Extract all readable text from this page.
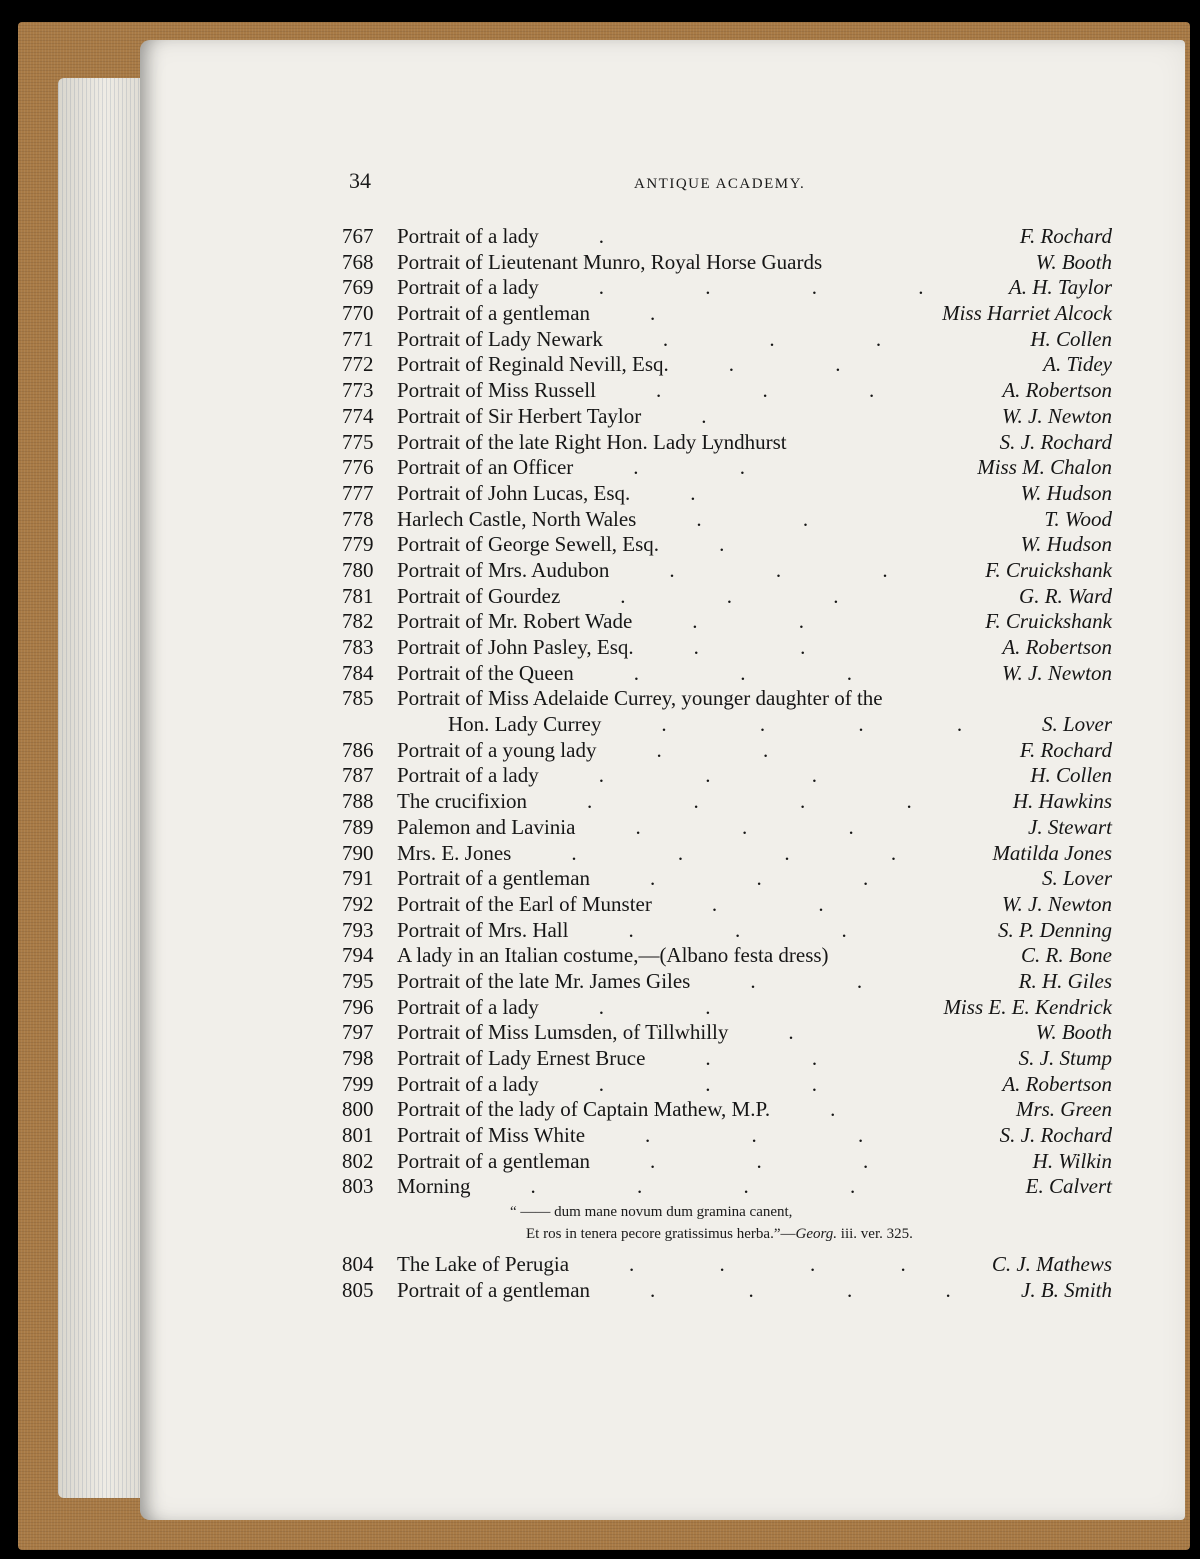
34	ANTIQUE ACADEMY.
767 Portrait of a lady	.	F. Rochard
768 Portrait of Lieutenant Munro, Royal Horse Guards	W. Booth
769 Portrait of a lady	. . . . A. H. Taylor
770 Portrait of a gentleman	.	Miss Harriet Alcock
771 Portrait of Lady Newark	. . .	H. Collen
772 Portrait of Reginald Nevill, Esq.	. .	A. Tidey
773 Portrait of Miss Russell	. . .	A. Robertson
774 Portrait of Sir Herbert Taylor	.	W. J. Newton
775 Portrait of the late Right Hon. Lady Lyndhurst	S. J. Rochard
776 Portrait of an Officer	. .	Miss M. Chalon
777 Portrait of John Lucas, Esq.	.	W. Hudson
778 Harlech Castle, North Wales	. .	T. Wood
779 Portrait of George Sewell, Esq.	.	W. Hudson
780 Portrait of Mrs. Audubon	. . . F. Cruickshank
781 Portrait of Gourdez	. . .	G. R. Ward
782 Portrait of Mr. Robert Wade	. .	F. Cruickshank
783 Portrait of John Pasley, Esq.	. .	A. Robertson
784 Portrait of the Queen	. . .	W. J. Newton
785 Portrait of Miss Adelaide Currey, younger daughter of the
Hon. Lady Currey	. . . . S. Lover
786 Portrait of a young lady	. .	F. Rochard
787 Portrait of a lady	. . .	H. Collen
788 The crucifixion	. . . .	H. Hawkins
789 Palemon and Lavinia	. . .	J. Stewart
790 Mrs. E. Jones	. . . . Matilda Jones
791 Portrait of a gentleman	. . .	S. Lover
792 Portrait of the Earl of Munster	. .	W. J. Newton
793 Portrait of Mrs. Hall	. . .	S. P. Denning
794 A lady in an Italian costume,—(Albano festa dress)	C. R. Bone
795 Portrait of the late Mr. James Giles	. .	R. H. Giles
796 Portrait of a lady	. .	Miss E. E. Kendrick
797 Portrait of Miss Lumsden, of Tillwhilly	.	W. Booth
798 Portrait of Lady Ernest Bruce	. .	S. J. Stump
799 Portrait of a lady	. . .	A. Robertson
800 Portrait of the lady of Captain Mathew, M.P.	.	Mrs. Green
801 Portrait of Miss White	. . .	S. J. Rochard
802 Portrait of a gentleman	. . .	H. Wilkin
803 Morning	. . . .	E. Calvert
“ —— dum mane novum dum gramina canent,
Et ros in tenera pecore gratissimus herba.”—Georg. iii. ver. 325.
804 The Lake of Perugia	. . . . C. J. Mathews
805 Portrait of a gentleman	. . . . J. B. Smith
